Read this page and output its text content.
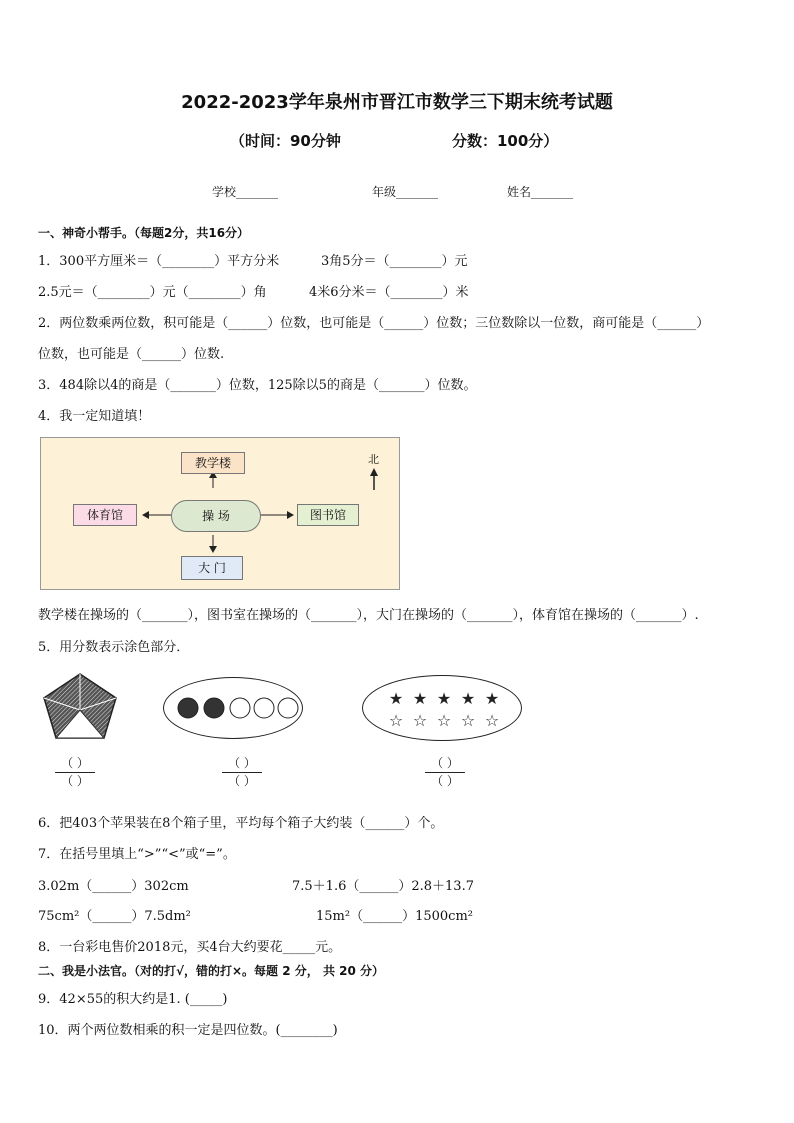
2022-2023学年泉州市晋江市数学三下期末统考试题
（时间：90分钟	分数：100分）
学校_______	年级_______	姓名_______
一、神奇小帮手。（每题2分，共16分）
1．300平方厘米＝（________）平方分米	3角5分＝（________）元
2.5元＝（________）元（________）角	4米6分米＝（________）米
2．两位数乘两位数，积可能是（______）位数，也可能是（______）位数；三位数除以一位数，商可能是（______）
位数，也可能是（______）位数.
3．484除以4的商是（_______）位数，125除以5的商是（_______）位数。
4．我一定知道填！
教学楼
操 场
体育馆	图书馆
大 门
北
教学楼在操场的（_______），图书室在操场的（_______），大门在操场的（_______），体育馆在操场的（_______）.
5．用分数表示涂色部分．
★ ★ ★ ★ ★
☆ ☆ ☆ ☆ ☆
（ ）
（ ）
（ ）
（ ）
（ ）
（ ）
6．把403个苹果装在8个箱子里，平均每个箱子大约装（______）个。
7．在括号里填上“>”“<”或“=”。
3.02m（______）302cm	7.5＋1.6（______）2.8＋13.7
75cm²（______）7.5dm²	15m²（______）1500cm²
8．一台彩电售价2018元，买4台大约要花_____元。
二、我是小法官。（对的打√，错的打×。每题 2 分， 共 20 分）
9．42×55的积大约是1. (_____)
10．两个两位数相乘的积一定是四位数。(________)
